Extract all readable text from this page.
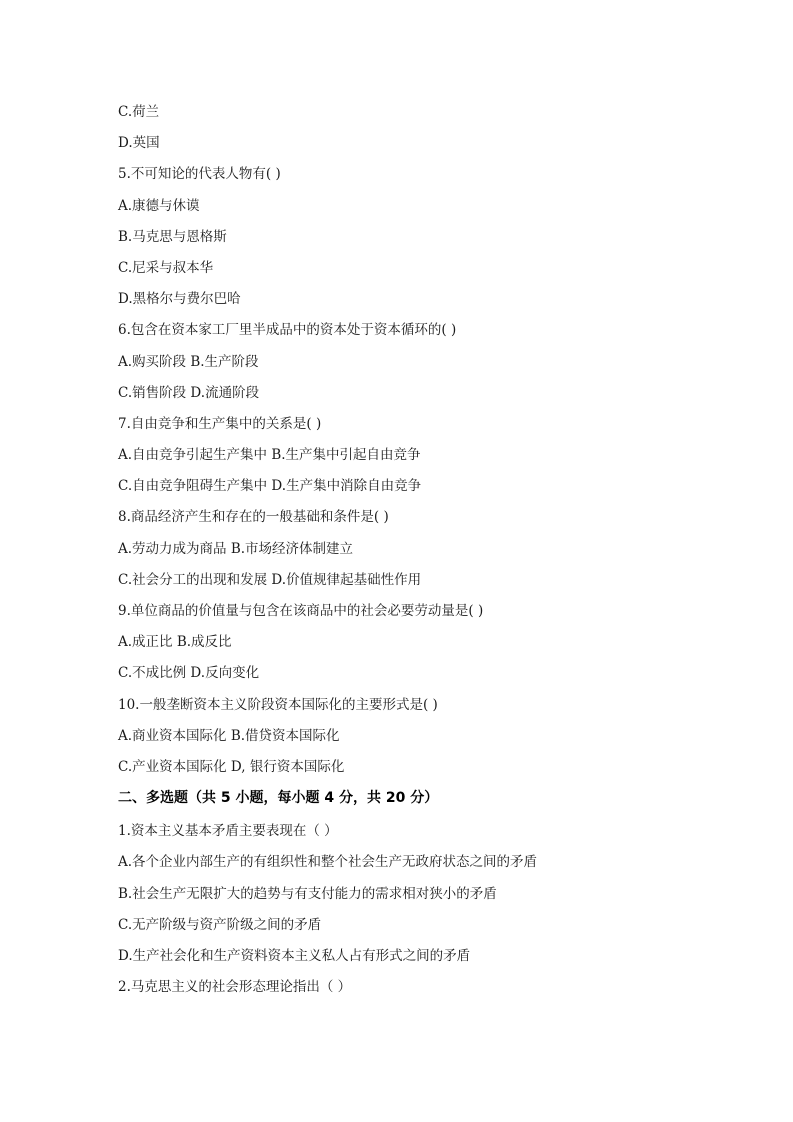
C.荷兰
D.英国
5.不可知论的代表人物有( )
A.康德与休谟
B.马克思与恩格斯
C.尼采与叔本华
D.黑格尔与费尔巴哈
6.包含在资本家工厂里半成品中的资本处于资本循环的( )
A.购买阶段 B.生产阶段
C.销售阶段 D.流通阶段
7.自由竞争和生产集中的关系是( )
A.自由竞争引起生产集中 B.生产集中引起自由竞争
C.自由竞争阻碍生产集中 D.生产集中消除自由竞争
8.商品经济产生和存在的一般基础和条件是( )
A.劳动力成为商品 B.市场经济体制建立
C.社会分工的出现和发展 D.价值规律起基础性作用
9.单位商品的价值量与包含在该商品中的社会必要劳动量是( )
A.成正比 B.成反比
C.不成比例 D.反向变化
10.一般垄断资本主义阶段资本国际化的主要形式是( )
A.商业资本国际化 B.借贷资本国际化
C.产业资本国际化 D, 银行资本国际化
二、多选题（共 5 小题，每小题 4 分，共 20 分）
1.资本主义基本矛盾主要表现在（ ）
A.各个企业内部生产的有组织性和整个社会生产无政府状态之间的矛盾
B.社会生产无限扩大的趋势与有支付能力的需求相对狭小的矛盾
C.无产阶级与资产阶级之间的矛盾
D.生产社会化和生产资料资本主义私人占有形式之间的矛盾
2.马克思主义的社会形态理论指出（ ）
